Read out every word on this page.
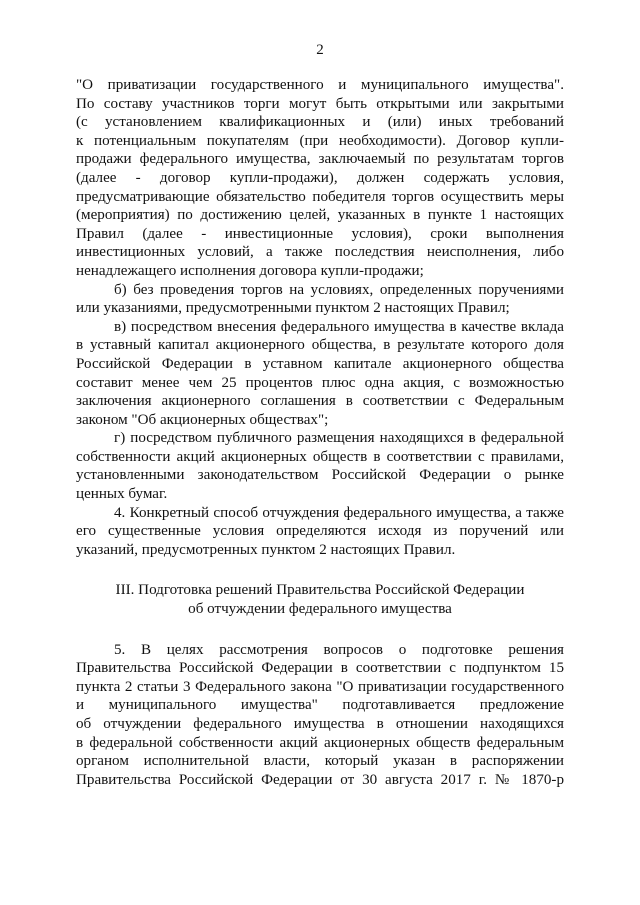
2
"О приватизации государственного и муниципального имущества".
По составу участников торги могут быть открытыми или закрытыми
(с установлением квалификационных и (или) иных требований
к потенциальным покупателям (при необходимости). Договор купли-
продажи федерального имущества, заключаемый по результатам торгов
(далее - договор купли-продажи), должен содержать условия,
предусматривающие обязательство победителя торгов осуществить меры
(мероприятия) по достижению целей, указанных в пункте 1 настоящих
Правил (далее - инвестиционные условия), сроки выполнения
инвестиционных условий, а также последствия неисполнения, либо
ненадлежащего исполнения договора купли-продажи;
б) без проведения торгов на условиях, определенных поручениями
или указаниями, предусмотренными пунктом 2 настоящих Правил;
в) посредством внесения федерального имущества в качестве вклада
в уставный капитал акционерного общества, в результате которого доля
Российской Федерации в уставном капитале акционерного общества
составит менее чем 25 процентов плюс одна акция, с возможностью
заключения акционерного соглашения в соответствии с Федеральным
законом "Об акционерных обществах";
г) посредством публичного размещения находящихся в федеральной
собственности акций акционерных обществ в соответствии с правилами,
установленными законодательством Российской Федерации о рынке
ценных бумаг.
4. Конкретный способ отчуждения федерального имущества, а также
его существенные условия определяются исходя из поручений или
указаний, предусмотренных пунктом 2 настоящих Правил.
III. Подготовка решений Правительства Российской Федерации
об отчуждении федерального имущества
5. В целях рассмотрения вопросов о подготовке решения
Правительства Российской Федерации в соответствии с подпунктом 15
пункта 2 статьи 3 Федерального закона "О приватизации государственного
и муниципального имущества" подготавливается предложение
об отчуждении федерального имущества в отношении находящихся
в федеральной собственности акций акционерных обществ федеральным
органом исполнительной власти, который указан в распоряжении
Правительства Российской Федерации от 30 августа 2017 г. № 1870-р
